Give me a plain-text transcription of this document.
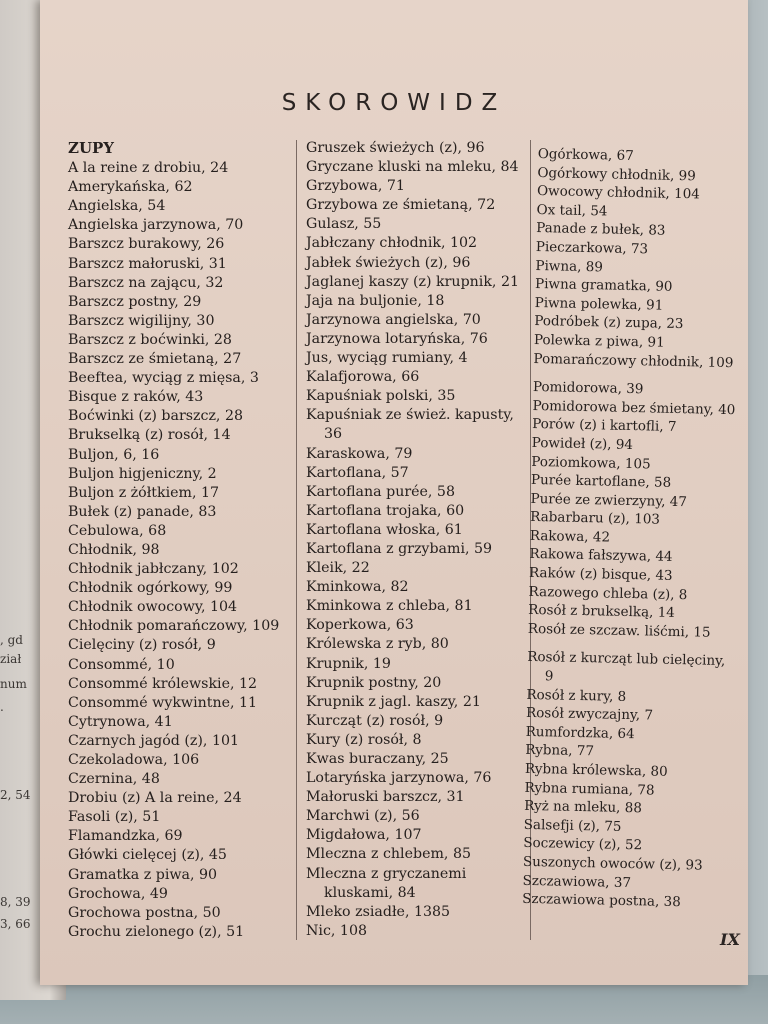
, gd
ział
num
.
2, 54
8, 39
3, 66
SKOROWIDZ
ZUPY
A la reine z drobiu, 24
Amerykańska, 62
Angielska, 54
Angielska jarzynowa, 70
Barszcz burakowy, 26
Barszcz małoruski, 31
Barszcz na zającu, 32
Barszcz postny, 29
Barszcz wigilijny, 30
Barszcz z boćwinki, 28
Barszcz ze śmietaną, 27
Beeftea, wyciąg z mięsa, 3
Bisque z raków, 43
Boćwinki (z) barszcz, 28
Brukselką (z) rosół, 14
Buljon, 6, 16
Buljon higjeniczny, 2
Buljon z żółtkiem, 17
Bułek (z) panade, 83
Cebulowa, 68
Chłodnik, 98
Chłodnik jabłczany, 102
Chłodnik ogórkowy, 99
Chłodnik owocowy, 104
Chłodnik pomarańczowy, 109
Cielęciny (z) rosół, 9
Consommé, 10
Consommé królewskie, 12
Consommé wykwintne, 11
Cytrynowa, 41
Czarnych jagód (z), 101
Czekoladowa, 106
Czernina, 48
Drobiu (z) A la reine, 24
Fasoli (z), 51
Flamandzka, 69
Główki cielęcej (z), 45
Gramatka z piwa, 90
Grochowa, 49
Grochowa postna, 50
Grochu zielonego (z), 51
Gruszek świeżych (z), 96
Gryczane kluski na mleku, 84
Grzybowa, 71
Grzybowa ze śmietaną, 72
Gulasz, 55
Jabłczany chłodnik, 102
Jabłek świeżych (z), 96
Jaglanej kaszy (z) krupnik, 21
Jaja na buljonie, 18
Jarzynowa angielska, 70
Jarzynowa lotaryńska, 76
Jus, wyciąg rumiany, 4
Kalafjorowa, 66
Kapuśniak polski, 35
Kapuśniak ze śwież. kapusty, 36
Karaskowa, 79
Kartoflana, 57
Kartoflana purée, 58
Kartoflana trojaka, 60
Kartoflana włoska, 61
Kartoflana z grzybami, 59
Kleik, 22
Kminkowa, 82
Kminkowa z chleba, 81
Koperkowa, 63
Królewska z ryb, 80
Krupnik, 19
Krupnik postny, 20
Krupnik z jagl. kaszy, 21
Kurcząt (z) rosół, 9
Kury (z) rosół, 8
Kwas buraczany, 25
Lotaryńska jarzynowa, 76
Małoruski barszcz, 31
Marchwi (z), 56
Migdałowa, 107
Mleczna z chlebem, 85
Mleczna z gryczanemi kluskami, 84
Mleko zsiadłe, 1385
Nic, 108
Ogórkowa, 67
Ogórkowy chłodnik, 99
Owocowy chłodnik, 104
Ox tail, 54
Panade z bułek, 83
Pieczarkowa, 73
Piwna, 89
Piwna gramatka, 90
Piwna polewka, 91
Podróbek (z) zupa, 23
Polewka z piwa, 91
Pomarańczowy chłodnik, 109
Pomidorowa, 39
Pomidorowa bez śmietany, 40
Porów (z) i kartofli, 7
Powideł (z), 94
Poziomkowa, 105
Purée kartoflane, 58
Purée ze zwierzyny, 47
Rabarbaru (z), 103
Rakowa, 42
Rakowa fałszywa, 44
Raków (z) bisque, 43
Razowego chleba (z), 8
Rosół z brukselką, 14
Rosół ze szczaw. liśćmi, 15
Rosół z kurcząt lub cielęciny, 9
Rosół z kury, 8
Rosół zwyczajny, 7
Rumfordzka, 64
Rybna, 77
Rybna królewska, 80
Rybna rumiana, 78
Ryż na mleku, 88
Salsefji (z), 75
Soczewicy (z), 52
Suszonych owoców (z), 93
Szczawiowa, 37
Szczawiowa postna, 38
IX
